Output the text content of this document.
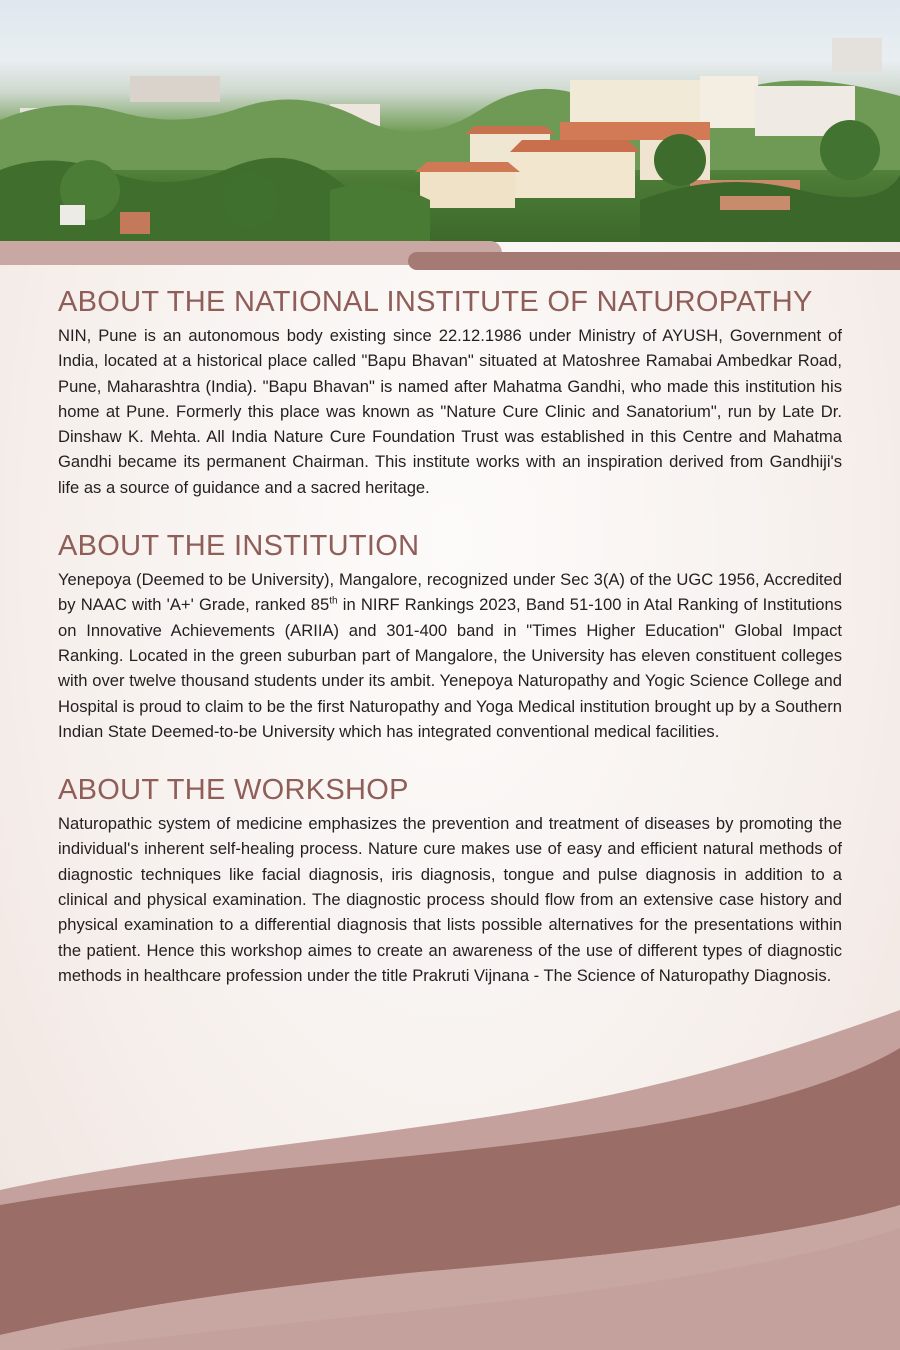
ABOUT THE NATIONAL INSTITUTE OF NATUROPATHY

NIN, Pune is an autonomous body existing since 22.12.1986 under Ministry of AYUSH, Government of India, located at a historical place called "Bapu Bhavan" situated at Matoshree Ramabai Ambedkar Road, Pune, Maharashtra (India). "Bapu Bhavan" is named after Mahatma Gandhi, who made this institution his home at Pune. Formerly this place was known as "Nature Cure Clinic and Sanatorium", run by Late Dr. Dinshaw K. Mehta. All India Nature Cure Foundation Trust was established in this Centre and Mahatma Gandhi became its permanent Chairman. This institute works with an inspiration derived from Gandhiji's life as a source of guidance and a sacred heritage.

ABOUT THE INSTITUTION

Yenepoya (Deemed to be University), Mangalore, recognized under Sec 3(A) of the UGC 1956, Accredited by NAAC with 'A+' Grade, ranked 85th in NIRF Rankings 2023, Band 51-100 in Atal Ranking of Institutions on Innovative Achievements (ARIIA) and 301-400 band in "Times Higher Education" Global Impact Ranking. Located in the green suburban part of Mangalore, the University has eleven constituent colleges with over twelve thousand students under its ambit. Yenepoya Naturopathy and Yogic Science College and Hospital is proud to claim to be the first Naturopathy and Yoga Medical institution brought up by a Southern Indian State Deemed-to-be University which has integrated conventional medical facilities.

ABOUT THE WORKSHOP

Naturopathic system of medicine emphasizes the prevention and treatment of diseases by promoting the individual's inherent self-healing process. Nature cure makes use of easy and efficient natural methods of diagnostic techniques like facial diagnosis, iris diagnosis, tongue and pulse diagnosis in addition to a clinical and physical examination. The diagnostic process should flow from an extensive case history and physical examination to a differential diagnosis that lists possible alternatives for the presentations within the patient. Hence this workshop aimes to create an awareness of the use of different types of diagnostic methods in healthcare profession under the title Prakruti Vijnana - The Science of Naturopathy Diagnosis.
